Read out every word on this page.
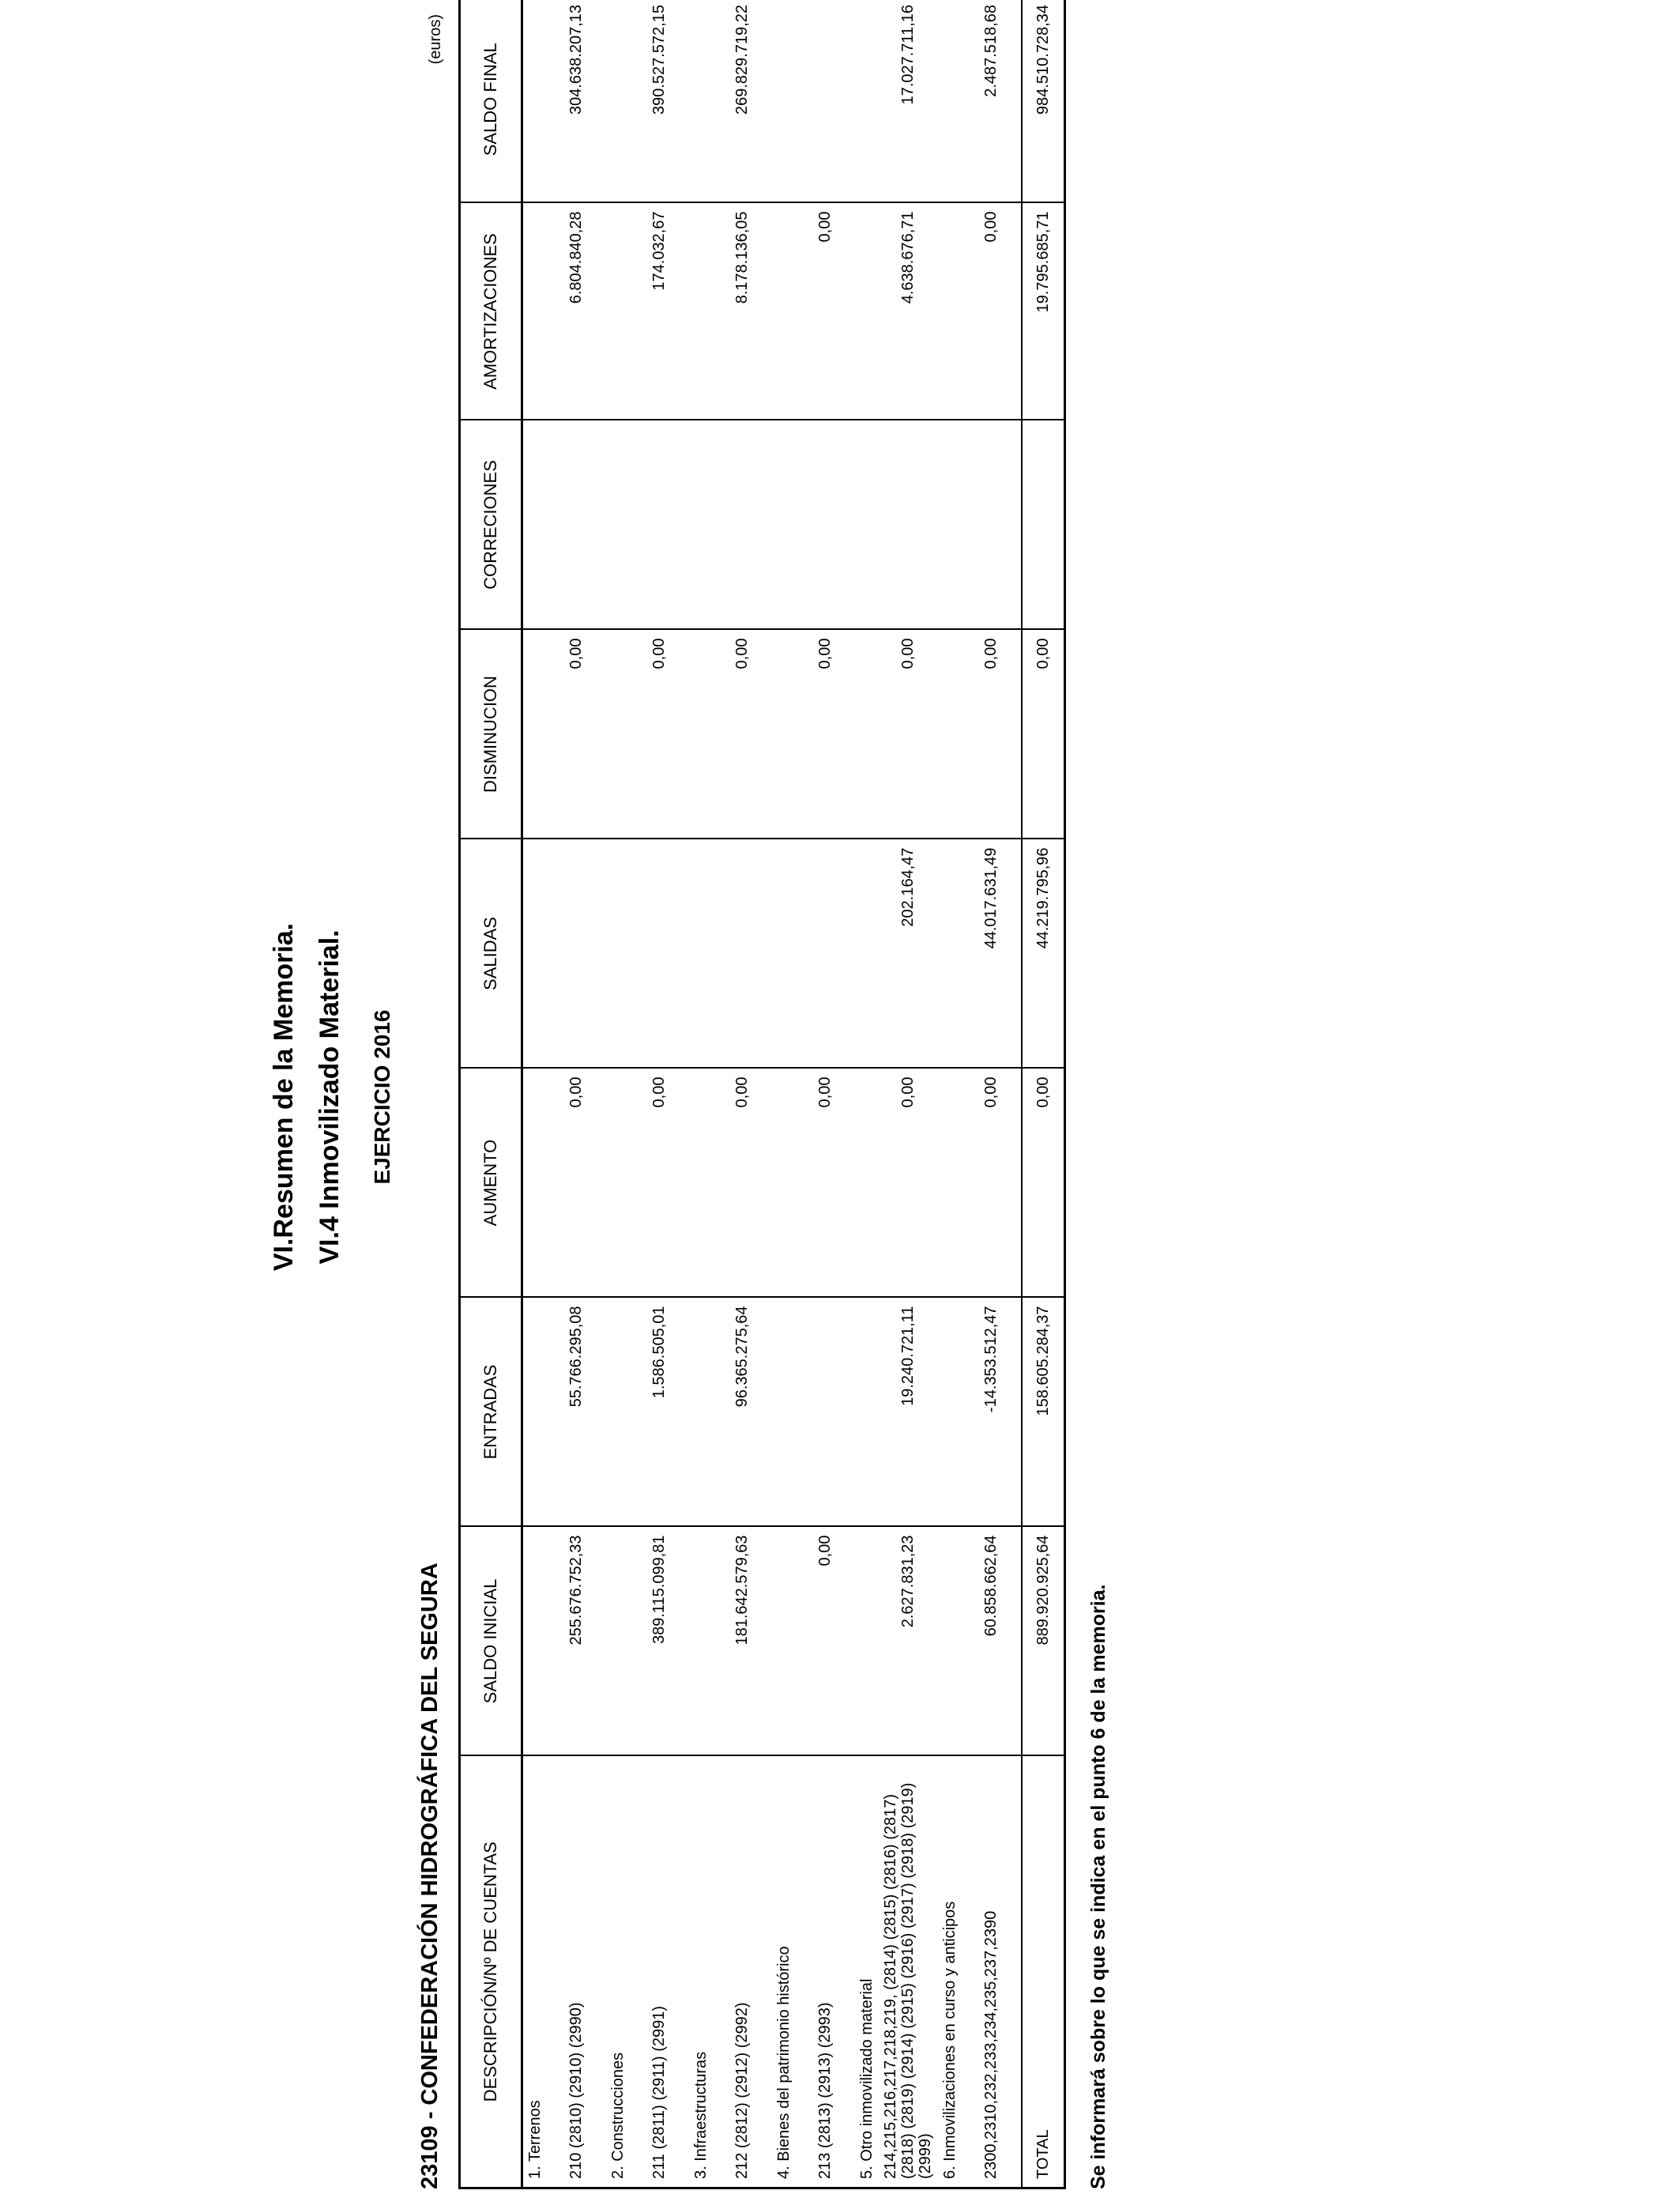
VI.Resumen de la Memoria. VI.4 Inmovilizado Material. EJERCICIO 2016
23109 - CONFEDERACIÓN HIDROGRÁFICA DEL SEGURA
(euros)
DESCRIPCIÓN/Nº DE CUENTAS	SALDO INICIAL	ENTRADAS	AUMENTO	SALIDAS	DISMINUCION	CORRECIONES	AMORTIZACIONES	SALDO FINAL
1. Terrenos								
210 (2810) (2910) (2990)	255.676.752,33	55.766.295,08	0,00		0,00		6.804.840,28	304.638.207,13
2. Construcciones								
211 (2811) (2911) (2991)	389.115.099,81	1.586.505,01	0,00		0,00		174.032,67	390.527.572,15
3. Infraestructuras								
212 (2812) (2912) (2992)	181.642.579,63	96.365.275,64	0,00		0,00		8.178.136,05	269.829.719,22
4. Bienes del patrimonio histórico								
213 (2813) (2913) (2993)	0,00		0,00		0,00		0,00	
5. Otro inmovilizado material								
214,215,216,217,218,219, (2814) (2815) (2816) (2817) (2818) (2819) (2914) (2915) (2916) (2917) (2918) (2919) (2999)	2.627.831,23	19.240.721,11	0,00	202.164,47	0,00		4.638.676,71	17.027.711,16
6. Inmovilizaciones en curso y anticipos								
2300,2310,232,233,234,235,237,2390	60.858.662,64	-14.353.512,47	0,00	44.017.631,49	0,00		0,00	2.487.518,68
TOTAL	889.920.925,64	158.605.284,37	0,00	44.219.795,96	0,00		19.795.685,71	984.510.728,34
Se informará sobre lo que se indica en el punto 6 de la memoria.
